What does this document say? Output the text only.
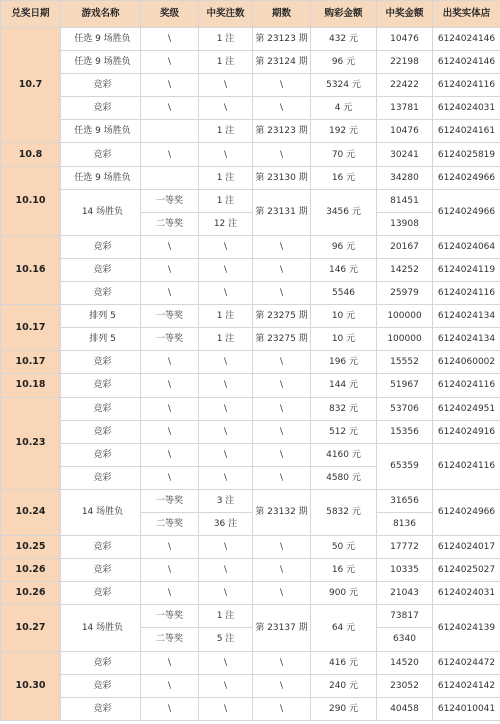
兑奖日期	游戏名称	奖级	中奖注数	期数	购彩金额	中奖金额	出奖实体店
10.7	任选 9 场胜负	\	1 注	第 23123 期	432 元	10476	6124024146
	任选 9 场胜负	\	1 注	第 23124 期	96 元	22198	6124024146
	竞彩	\	\	\	5324 元	22422	6124024116
	竞彩	\	\	\	4 元	13781	6124024031
	任选 9 场胜负		1 注	第 23123 期	192 元	10476	6124024161
10.8	竞彩	\	\	\	70 元	30241	6124025819
10.10	任选 9 场胜负		1 注	第 23130 期	16 元	34280	6124024966
	14 场胜负	一等奖	1 注	第 23131 期	3456 元	81451	6124024966
		二等奖	12 注			13908	
10.16	竞彩	\	\	\	96 元	20167	6124024064
	竞彩	\	\	\	146 元	14252	6124024119
	竞彩	\	\	\	5546	25979	6124024116
10.17	排列 5	一等奖	1 注	第 23275 期	10 元	100000	6124024134
	排列 5	一等奖	1 注	第 23275 期	10 元	100000	6124024134
10.17	竞彩	\	\	\	196 元	15552	6124060002
10.18	竞彩	\	\	\	144 元	51967	6124024116
10.23	竞彩	\	\	\	832 元	53706	6124024951
	竞彩	\	\	\	512 元	15356	6124024916
	竞彩	\	\	\	4160 元	65359	6124024116
	竞彩	\	\	\	4580 元		
10.24	14 场胜负	一等奖	3 注	第 23132 期	5832 元	31656	6124024966
		二等奖	36 注			8136	
10.25	竞彩	\	\	\	50 元	17772	6124024017
10.26	竞彩	\	\	\	16 元	10335	6124025027
10.26	竞彩	\	\	\	900 元	21043	6124024031
10.27	14 场胜负	一等奖	1 注	第 23137 期	64 元	73817	6124024139
		二等奖	5 注			6340	
10.30	竞彩	\	\	\	416 元	14520	6124024472
	竞彩	\	\	\	240 元	23052	6124024142
	竞彩	\	\	\	290 元	40458	6124010041
